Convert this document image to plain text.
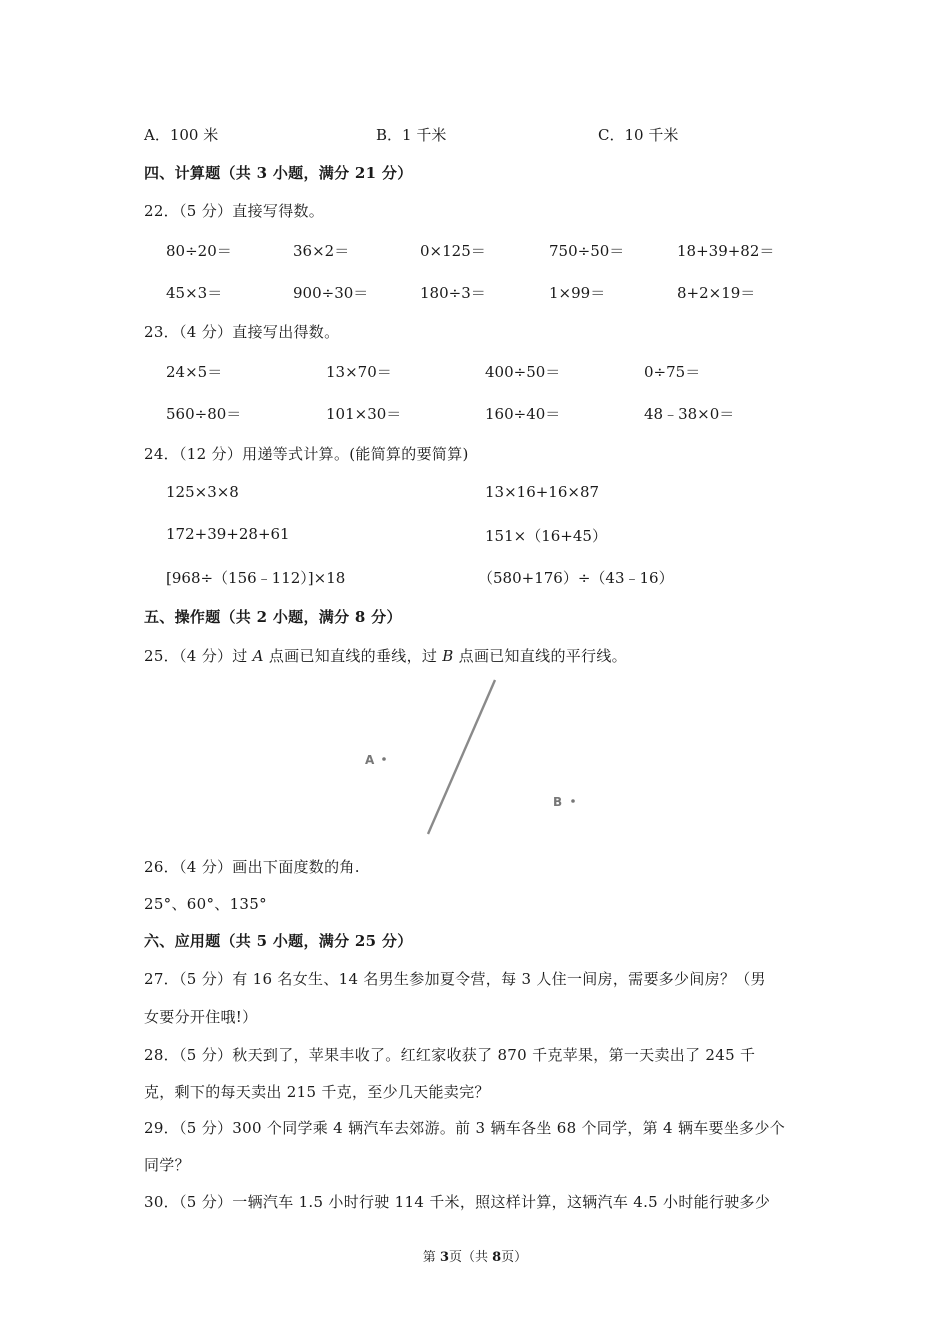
A．100 米	B．1 千米	C．10 千米
四、计算题（共 3 小题，满分 21 分）
22．（5 分）直接写得数。
80÷20＝	36×2＝	0×125＝	750÷50＝	18+39+82＝
45×3＝	900÷30＝	180÷3＝	1×99＝	8+2×19＝
23．（4 分）直接写出得数。
24×5＝	13×70＝	400÷50＝	0÷75＝
560÷80＝	101×30＝	160÷40＝	48﹣38×0＝
24．（12 分）用递等式计算。(能简算的要简算)
125×3×8	13×16+16×87
172+39+28+61	151×（16+45）
[968÷（156﹣112）]×18	（580+176）÷（43﹣16）
五、操作题（共 2 小题，满分 8 分）
25．（4 分）过 A 点画已知直线的垂线，过 B 点画已知直线的平行线。
A
B
26．（4 分）画出下面度数的角.
25°、60°、135°
六、应用题（共 5 小题，满分 25 分）
27．（5 分）有 16 名女生、14 名男生参加夏令营，每 3 人住一间房，需要多少间房？（男
女要分开住哦!）
28．（5 分）秋天到了，苹果丰收了。红红家收获了 870 千克苹果，第一天卖出了 245 千
克，剩下的每天卖出 215 千克，至少几天能卖完？
29．（5 分）300 个同学乘 4 辆汽车去郊游。前 3 辆车各坐 68 个同学，第 4 辆车要坐多少个
同学？
30．（5 分）一辆汽车 1.5 小时行驶 114 千米，照这样计算，这辆汽车 4.5 小时能行驶多少
第 3页（共 8页）
